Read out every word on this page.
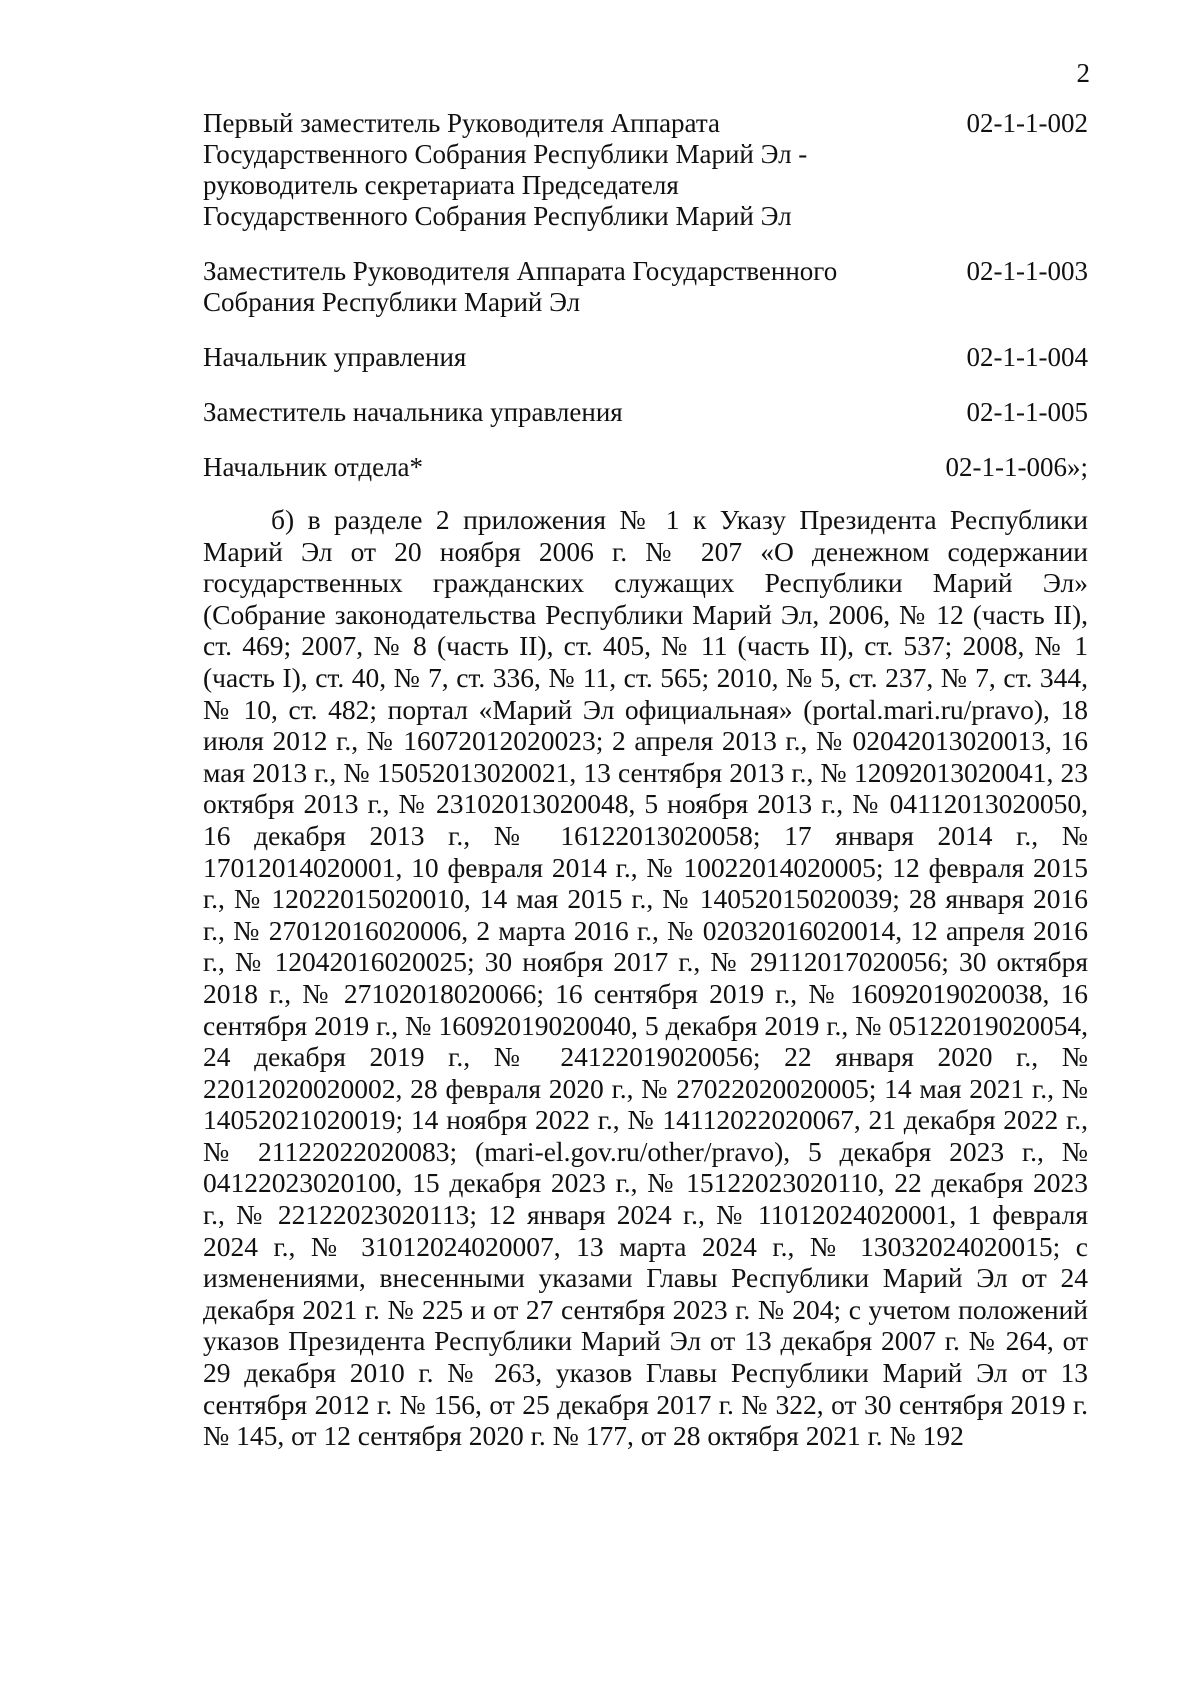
2
Первый заместитель Руководителя Аппарата
Государственного Собрания Республики Марий Эл -
руководитель секретариата Председателя
Государственного Собрания Республики Марий Эл
02-1-1-002
Заместитель Руководителя Аппарата Государственного
Собрания Республики Марий Эл
02-1-1-003
Начальник управления	02-1-1-004
Заместитель начальника управления	02-1-1-005
Начальник отдела*	02-1-1-006»;

б) в разделе 2 приложения № 1 к Указу Президента Республики Марий Эл от 20 ноября 2006 г. № 207 «О денежном содержании государственных гражданских служащих Республики Марий Эл» (Собрание законодательства Республики Марий Эл, 2006, № 12 (часть II), ст. 469; 2007, № 8 (часть II), ст. 405, № 11 (часть II), ст. 537; 2008, № 1 (часть I), ст. 40, № 7, ст. 336, № 11, ст. 565; 2010, № 5, ст. 237, № 7, ст. 344, № 10, ст. 482; портал «Марий Эл официальная» (portal.mari.ru/pravo), 18 июля 2012 г., № 16072012020023; 2 апреля 2013 г., № 02042013020013, 16 мая 2013 г., № 15052013020021, 13 сентября 2013 г., № 12092013020041, 23 октября 2013 г., № 23102013020048, 5 ноября 2013 г., № 04112013020050, 16 декабря 2013 г., № 16122013020058; 17 января 2014 г., № 17012014020001, 10 февраля 2014 г., № 10022014020005; 12 февраля 2015 г., № 12022015020010, 14 мая 2015 г., № 14052015020039; 28 января 2016 г., № 27012016020006, 2 марта 2016 г., № 02032016020014, 12 апреля 2016 г., № 12042016020025; 30 ноября 2017 г., № 29112017020056; 30 октября 2018 г., № 27102018020066; 16 сентября 2019 г., № 16092019020038, 16 сентября 2019 г., № 16092019020040, 5 декабря 2019 г., № 05122019020054, 24 декабря 2019 г., № 24122019020056; 22 января 2020 г., № 22012020020002, 28 февраля 2020 г., № 27022020020005; 14 мая 2021 г., № 14052021020019; 14 ноября 2022 г., № 14112022020067, 21 декабря 2022 г., № 21122022020083; (mari-el.gov.ru/other/pravo), 5 декабря 2023 г., № 04122023020100, 15 декабря 2023 г., № 15122023020110, 22 декабря 2023 г., № 22122023020113; 12 января 2024 г., № 11012024020001, 1 февраля 2024 г., № 31012024020007, 13 марта 2024 г., № 13032024020015; с изменениями, внесенными указами Главы Республики Марий Эл от 24 декабря 2021 г. № 225 и от 27 сентября 2023 г. № 204; с учетом положений указов Президента Республики Марий Эл от 13 декабря 2007 г. № 264, от 29 декабря 2010 г. № 263, указов Главы Республики Марий Эл от 13 сентября 2012 г. № 156, от 25 декабря 2017 г. № 322, от 30 сентября 2019 г. № 145, от 12 сентября 2020 г. № 177, от 28 октября 2021 г. № 192
